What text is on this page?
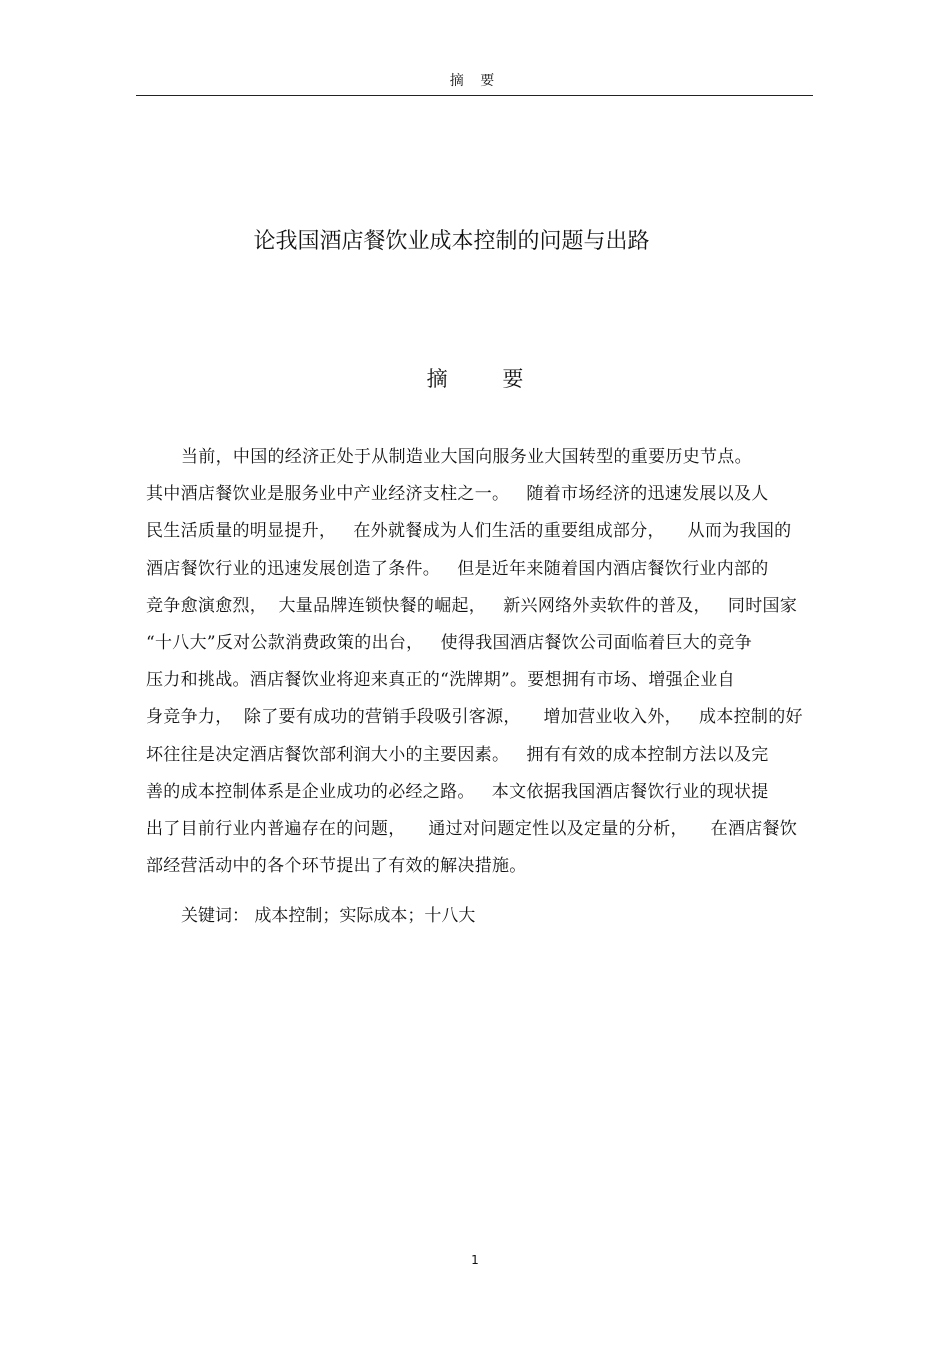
摘 要
论我国酒店餐饮业成本控制的问题与出路
摘 要
当前，中国的经济正处于从制造业大国向服务业大国转型的重要历史节点。
其中酒店餐饮业是服务业中产业经济支柱之一。   随着市场经济的迅速发展以及人
民生活质量的明显提升，   在外就餐成为人们生活的重要组成部分，    从而为我国的
酒店餐饮行业的迅速发展创造了条件。   但是近年来随着国内酒店餐饮行业内部的
竞争愈演愈烈，  大量品牌连锁快餐的崛起，   新兴网络外卖软件的普及，   同时国家
“十八大”反对公款消费政策的出台，   使得我国酒店餐饮公司面临着巨大的竞争
压力和挑战。酒店餐饮业将迎来真正的“洗牌期”。要想拥有市场、增强企业自
身竞争力，  除了要有成功的营销手段吸引客源，    增加营业收入外，   成本控制的好
坏往往是决定酒店餐饮部利润大小的主要因素。   拥有有效的成本控制方法以及完
善的成本控制体系是企业成功的必经之路。   本文依据我国酒店餐饮行业的现状提
出了目前行业内普遍存在的问题，    通过对问题定性以及定量的分析，    在酒店餐饮
部经营活动中的各个环节提出了有效的解决措施。
关键词： 成本控制；实际成本；十八大
1
